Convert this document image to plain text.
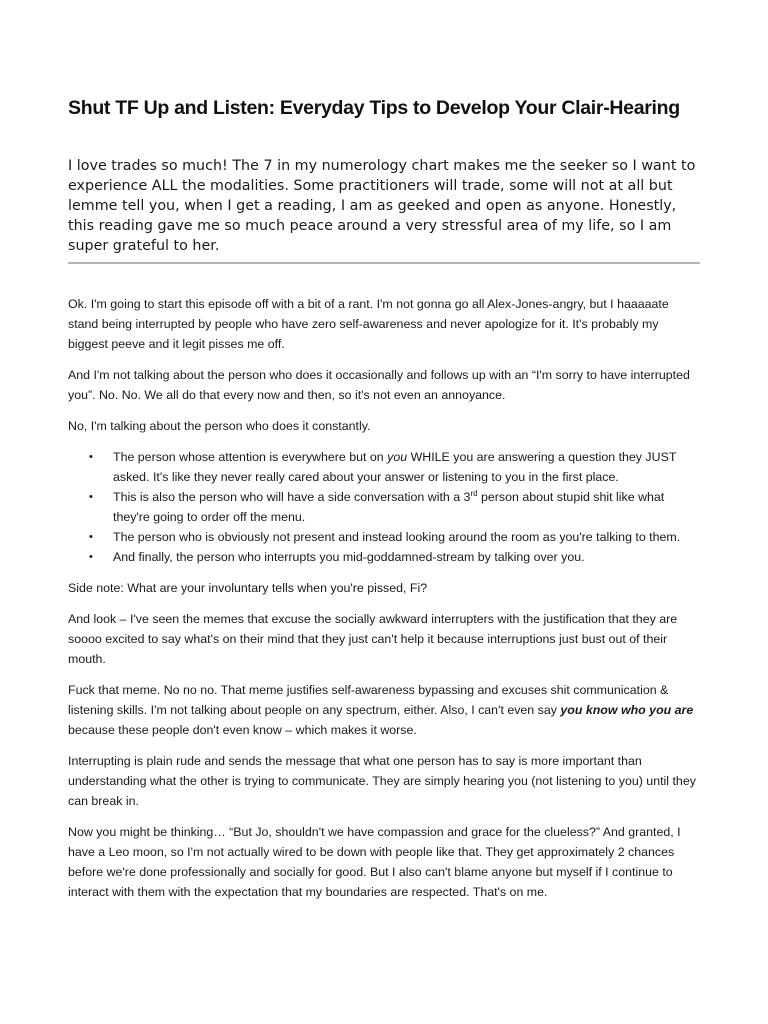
Shut TF Up and Listen: Everyday Tips to Develop Your Clair-Hearing

I love trades so much! The 7 in my numerology chart makes me the seeker so I want to experience ALL the modalities. Some practitioners will trade, some will not at all but lemme tell you, when I get a reading, I am as geeked and open as anyone. Honestly, this reading gave me so much peace around a very stressful area of my life, so I am super grateful to her.

Ok. I'm going to start this episode off with a bit of a rant. I'm not gonna go all Alex-Jones-angry, but I haaaaate stand being interrupted by people who have zero self-awareness and never apologize for it. It's probably my biggest peeve and it legit pisses me off.

And I'm not talking about the person who does it occasionally and follows up with an “I'm sorry to have interrupted you”. No. No. We all do that every now and then, so it's not even an annoyance.

No, I'm talking about the person who does it constantly.

• The person whose attention is everywhere but on you WHILE you are answering a question they JUST asked. It's like they never really cared about your answer or listening to you in the first place.
• This is also the person who will have a side conversation with a 3rd person about stupid shit like what they're going to order off the menu.
• The person who is obviously not present and instead looking around the room as you're talking to them.
• And finally, the person who interrupts you mid-goddamned-stream by talking over you.

Side note: What are your involuntary tells when you're pissed, Fi?

And look – I've seen the memes that excuse the socially awkward interrupters with the justification that they are soooo excited to say what's on their mind that they just can't help it because interruptions just bust out of their mouth.

Fuck that meme. No no no. That meme justifies self-awareness bypassing and excuses shit communication & listening skills. I'm not talking about people on any spectrum, either. Also, I can't even say you know who you are because these people don't even know – which makes it worse.

Interrupting is plain rude and sends the message that what one person has to say is more important than understanding what the other is trying to communicate. They are simply hearing you (not listening to you) until they can break in.

Now you might be thinking… “But Jo, shouldn't we have compassion and grace for the clueless?” And granted, I have a Leo moon, so I'm not actually wired to be down with people like that. They get approximately 2 chances before we're done professionally and socially for good. But I also can't blame anyone but myself if I continue to interact with them with the expectation that my boundaries are respected. That's on me.
